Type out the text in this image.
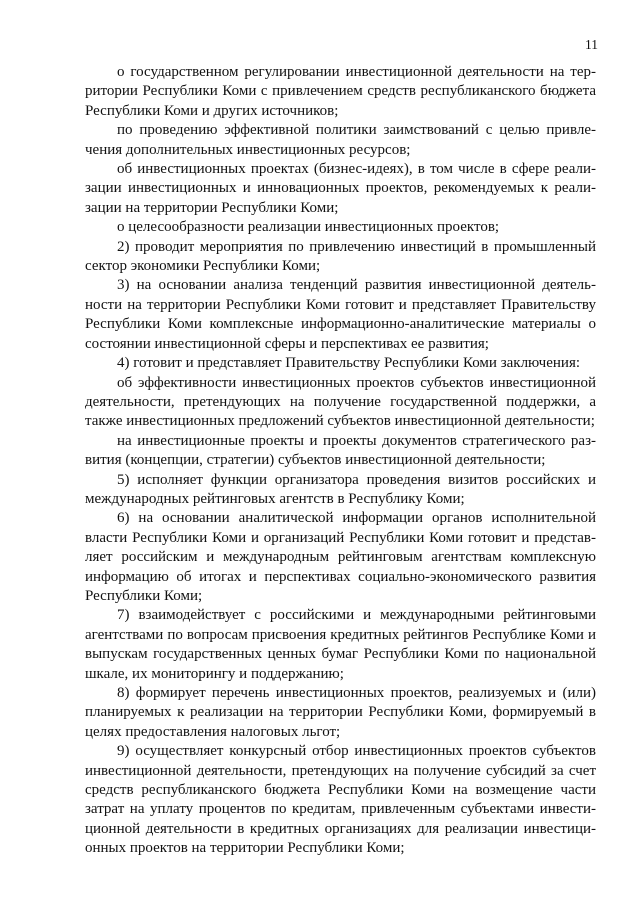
11

о государственном регулировании инвестиционной деятельности на территории Республики Коми с привлечением средств республиканского бюджета Республики Коми и других источников;

по проведению эффективной политики заимствований с целью привлечения дополнительных инвестиционных ресурсов;

об инвестиционных проектах (бизнес-идеях), в том числе в сфере реализации инвестиционных и инновационных проектов, рекомендуемых к реализации на территории Республики Коми;

о целесообразности реализации инвестиционных проектов;

2) проводит мероприятия по привлечению инвестиций в промышленный сектор экономики Республики Коми;

3) на основании анализа тенденций развития инвестиционной деятельности на территории Республики Коми готовит и представляет Правительству Республики Коми комплексные информационно-аналитические материалы о состоянии инвестиционной сферы и перспективах ее развития;

4) готовит и представляет Правительству Республики Коми заключения:

об эффективности инвестиционных проектов субъектов инвестиционной деятельности, претендующих на получение государственной поддержки, а также инвестиционных предложений субъектов инвестиционной деятельности;

на инвестиционные проекты и проекты документов стратегического развития (концепции, стратегии) субъектов инвестиционной деятельности;

5) исполняет функции организатора проведения визитов российских и международных рейтинговых агентств в Республику Коми;

6) на основании аналитической информации органов исполнительной власти Республики Коми и организаций Республики Коми готовит и представляет российским и международным рейтинговым агентствам комплексную информацию об итогах и перспективах социально-экономического развития Республики Коми;

7) взаимодействует с российскими и международными рейтинговыми агентствами по вопросам присвоения кредитных рейтингов Республике Коми и выпускам государственных ценных бумаг Республики Коми по национальной шкале, их мониторингу и поддержанию;

8) формирует перечень инвестиционных проектов, реализуемых и (или) планируемых к реализации на территории Республики Коми, формируемый в целях предоставления налоговых льгот;

9) осуществляет конкурсный отбор инвестиционных проектов субъектов инвестиционной деятельности, претендующих на получение субсидий за счет средств республиканского бюджета Республики Коми на возмещение части затрат на уплату процентов по кредитам, привлеченным субъектами инвестиционной деятельности в кредитных организациях для реализации инвестиционных проектов на территории Республики Коми;
